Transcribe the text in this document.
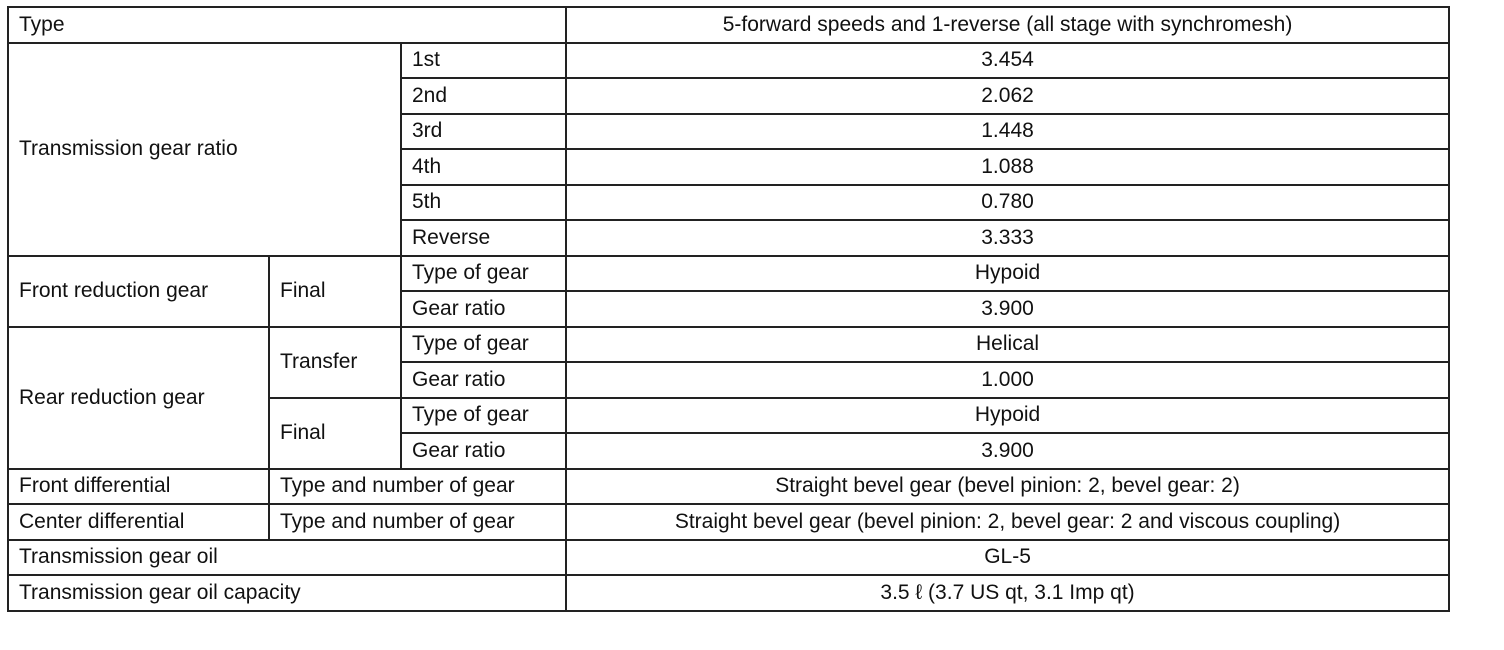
Type			5-forward speeds and 1-reverse (all stage with synchromesh)
Transmission gear ratio		1st	3.454
		2nd	2.062
		3rd	1.448
		4th	1.088
		5th	0.780
		Reverse	3.333
Front reduction gear	Final	Type of gear	Hypoid
		Gear ratio	3.900
Rear reduction gear	Transfer	Type of gear	Helical
		Gear ratio	1.000
	Final	Type of gear	Hypoid
		Gear ratio	3.900
Front differential	Type and number of gear		Straight bevel gear (bevel pinion: 2, bevel gear: 2)
Center differential	Type and number of gear		Straight bevel gear (bevel pinion: 2, bevel gear: 2 and viscous coupling)
Transmission gear oil			GL-5
Transmission gear oil capacity			3.5 ℓ (3.7 US qt, 3.1 Imp qt)
